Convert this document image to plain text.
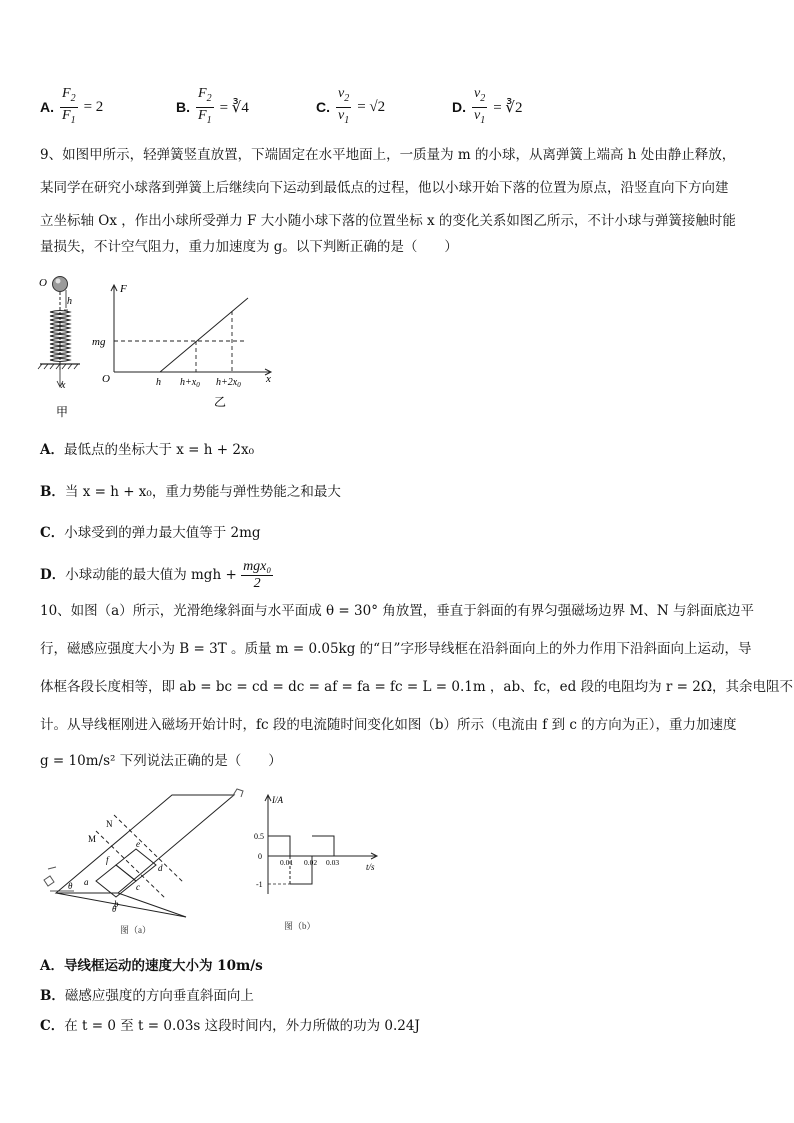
A. $\frac{F_2}{F_1} = 2$	B. $\frac{F_2}{F_1}$ = ∛4	C. $\frac{v_2}{v_1} = √2$	D. $\frac{v_2}{v_1}$ = ∛2
9、如图甲所示，轻弹簧竖直放置，下端固定在水平地面上，一质量为 m 的小球，从离弹簧上端高 h 处由静止释放，
某同学在研究小球落到弹簧上后继续向下运动到最低点的过程，他以小球开始下落的位置为原点，沿竖直向下方向建
立坐标轴 Ox ，作出小球所受弹力 F 大小随小球下落的位置坐标 x 的变化关系如图乙所示，不计小球与弹簧接触时能
量损失，不计空气阻力，重力加速度为 g。以下判断正确的是（　　）
O
h
x
甲
F
mg
O	x
h $h+x_0$ $h+2x_0$
乙
A．最低点的坐标大于 x = h + 2x₀
B．当 x = h + x₀，重力势能与弹性势能之和最大
C．小球受到的弹力最大值等于 2mg
D．小球动能的最大值为 mgh + $\frac{\text{mgx₀}}{2}$
10、如图（a）所示，光滑绝缘斜面与水平面成 θ = 30° 角放置，垂直于斜面的有界匀强磁场边界 M、N 与斜面底边平
行，磁感应强度大小为 B = 3T 。质量 m = 0.05kg 的“日”字形导线框在沿斜面向上的外力作用下沿斜面向上运动，导
体框各段长度相等，即 ab = bc = cd = dc = af = fa = fc = L = 0.1m ，ab、fc，ed 段的电阻均为 r = 2Ω，其余电阻不
计。从导线框刚进入磁场开始计时，fc 段的电流随时间变化如图（b）所示（电流由 f 到 c 的方向为正），重力加速度
g = 10m/s² 下列说法正确的是（　　）
N
M
a
b
c
d
e
f
θ
θ
图（a）
I/A
t/s
0.5
0
-1
0.01 0.02 0.03
图（b）
A．导线框运动的速度大小为 10m/s
B．磁感应强度的方向垂直斜面向上
C．在 t = 0 至 t = 0.03s 这段时间内，外力所做的功为 0.24J
